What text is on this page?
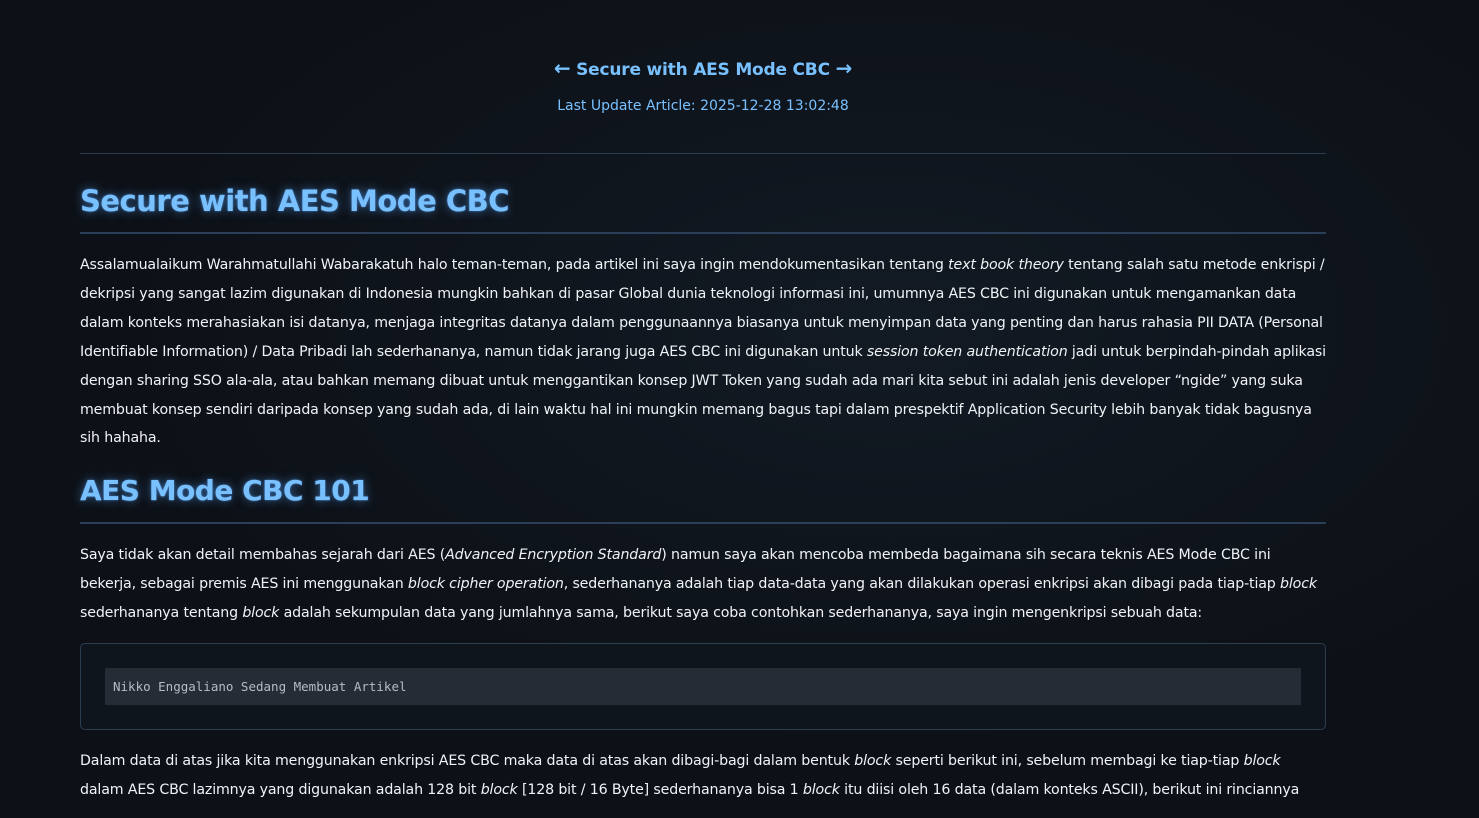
← Secure with AES Mode CBC →
Last Update Article: 2025-12-28 13:02:48
Secure with AES Mode CBC

Assalamualaikum Warahmatullahi Wabarakatuh halo teman-teman, pada artikel ini saya ingin mendokumentasikan tentang text book theory tentang salah satu metode enkrispi / dekripsi yang sangat lazim digunakan di Indonesia mungkin bahkan di pasar Global dunia teknologi informasi ini, umumnya AES CBC ini digunakan untuk mengamankan data dalam konteks merahasiakan isi datanya, menjaga integritas datanya dalam penggunaannya biasanya untuk menyimpan data yang penting dan harus rahasia PII DATA (Personal Identifiable Information) / Data Pribadi lah sederhananya, namun tidak jarang juga AES CBC ini digunakan untuk session token authentication jadi untuk berpindah-pindah aplikasi dengan sharing SSO ala-ala, atau bahkan memang dibuat untuk menggantikan konsep JWT Token yang sudah ada mari kita sebut ini adalah jenis developer “ngide” yang suka membuat konsep sendiri daripada konsep yang sudah ada, di lain waktu hal ini mungkin memang bagus tapi dalam prespektif Application Security lebih banyak tidak bagusnya sih hahaha.

AES Mode CBC 101

Saya tidak akan detail membahas sejarah dari AES (Advanced Encryption Standard) namun saya akan mencoba membeda bagaimana sih secara teknis AES Mode CBC ini bekerja, sebagai premis AES ini menggunakan block cipher operation, sederhananya adalah tiap data-data yang akan dilakukan operasi enkripsi akan dibagi pada tiap-tiap block sederhananya tentang block adalah sekumpulan data yang jumlahnya sama, berikut saya coba contohkan sederhananya, saya ingin mengenkripsi sebuah data:

Nikko Enggaliano Sedang Membuat Artikel

Dalam data di atas jika kita menggunakan enkripsi AES CBC maka data di atas akan dibagi-bagi dalam bentuk block seperti berikut ini, sebelum membagi ke tiap-tiap block dalam AES CBC lazimnya yang digunakan adalah 128 bit block [128 bit / 16 Byte] sederhananya bisa 1 block itu diisi oleh 16 data (dalam konteks ASCII), berikut ini rinciannya
